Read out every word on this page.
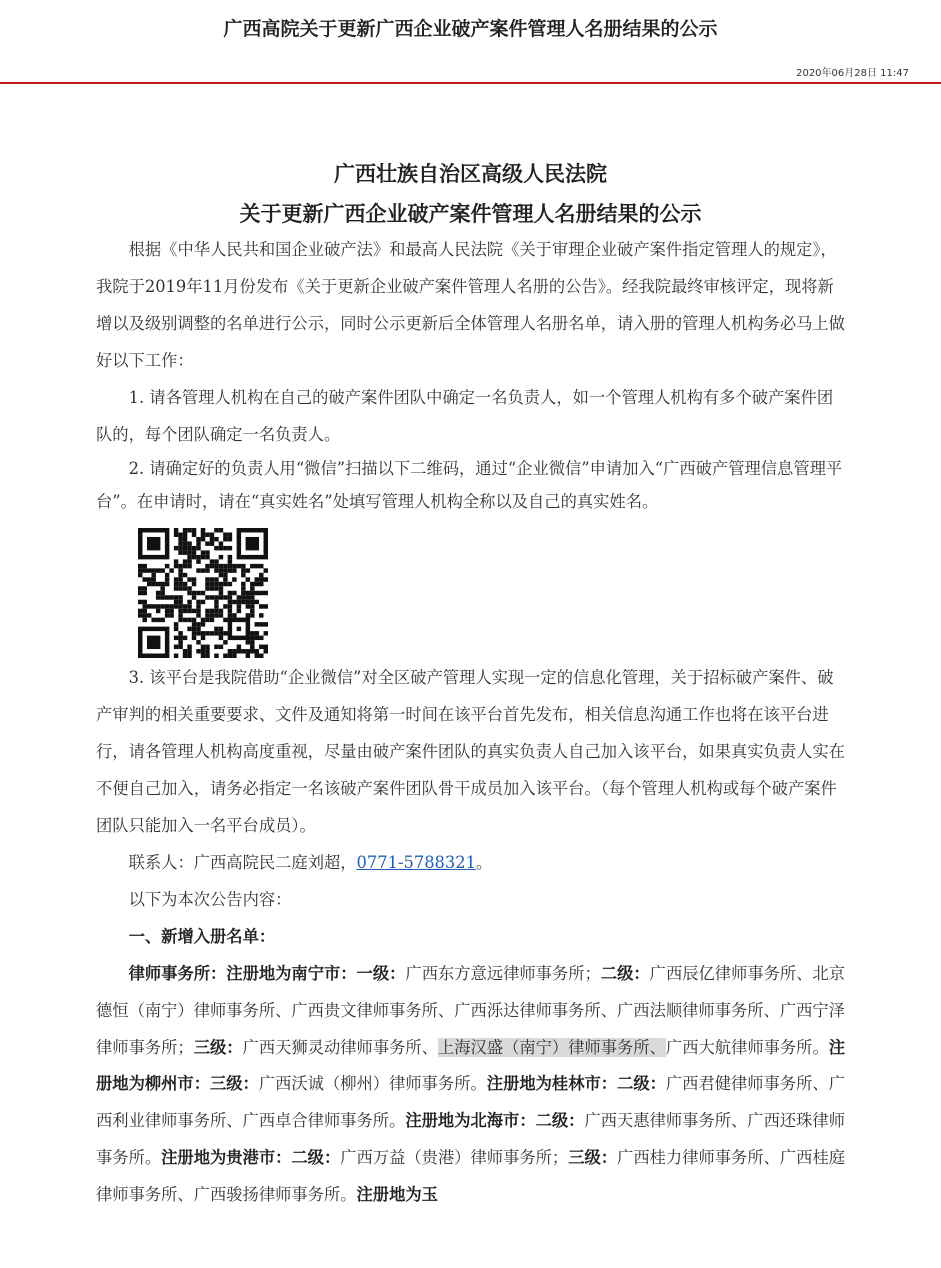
广西高院关于更新广西企业破产案件管理人名册结果的公示
2020年06月28日 11:47
广西壮族自治区高级人民法院
关于更新广西企业破产案件管理人名册结果的公示

根据《中华人民共和国企业破产法》和最高人民法院《关于审理企业破产案件指定管理人的规定》，我院于2019年11月份发布《关于更新企业破产案件管理人名册的公告》。经我院最终审核评定，现将新增以及级别调整的名单进行公示，同时公示更新后全体管理人名册名单，请入册的管理人机构务必马上做好以下工作：

1. 请各管理人机构在自己的破产案件团队中确定一名负责人，如一个管理人机构有多个破产案件团队的，每个团队确定一名负责人。

2. 请确定好的负责人用“微信”扫描以下二维码，通过“企业微信”申请加入“广西破产管理信息管理平台”。在申请时，请在“真实姓名”处填写管理人机构全称以及自己的真实姓名。

3. 该平台是我院借助“企业微信”对全区破产管理人实现一定的信息化管理，关于招标破产案件、破产审判的相关重要要求、文件及通知将第一时间在该平台首先发布，相关信息沟通工作也将在该平台进行，请各管理人机构高度重视，尽量由破产案件团队的真实负责人自己加入该平台，如果真实负责人实在不便自己加入，请务必指定一名该破产案件团队骨干成员加入该平台。（每个管理人机构或每个破产案件团队只能加入一名平台成员）。

联系人：广西高院民二庭刘超，0771-5788321。

以下为本次公告内容：

一、新增入册名单：

律师事务所：注册地为南宁市：一级：广西东方意远律师事务所；二级：广西辰亿律师事务所、北京德恒（南宁）律师事务所、广西贵文律师事务所、广西泺达律师事务所、广西法顺律师事务所、广西宁泽律师事务所；三级：广西天狮灵动律师事务所、上海汉盛（南宁）律师事务所、广西大航律师事务所。注册地为柳州市：三级：广西沃诚（柳州）律师事务所。注册地为桂林市：二级：广西君健律师事务所、广西利业律师事务所、广西卓合律师事务所。注册地为北海市：二级：广西天惠律师事务所、广西还珠律师事务所。注册地为贵港市：二级：广西万益（贵港）律师事务所；三级：广西桂力律师事务所、广西桂庭律师事务所、广西骏扬律师事务所。注册地为玉
